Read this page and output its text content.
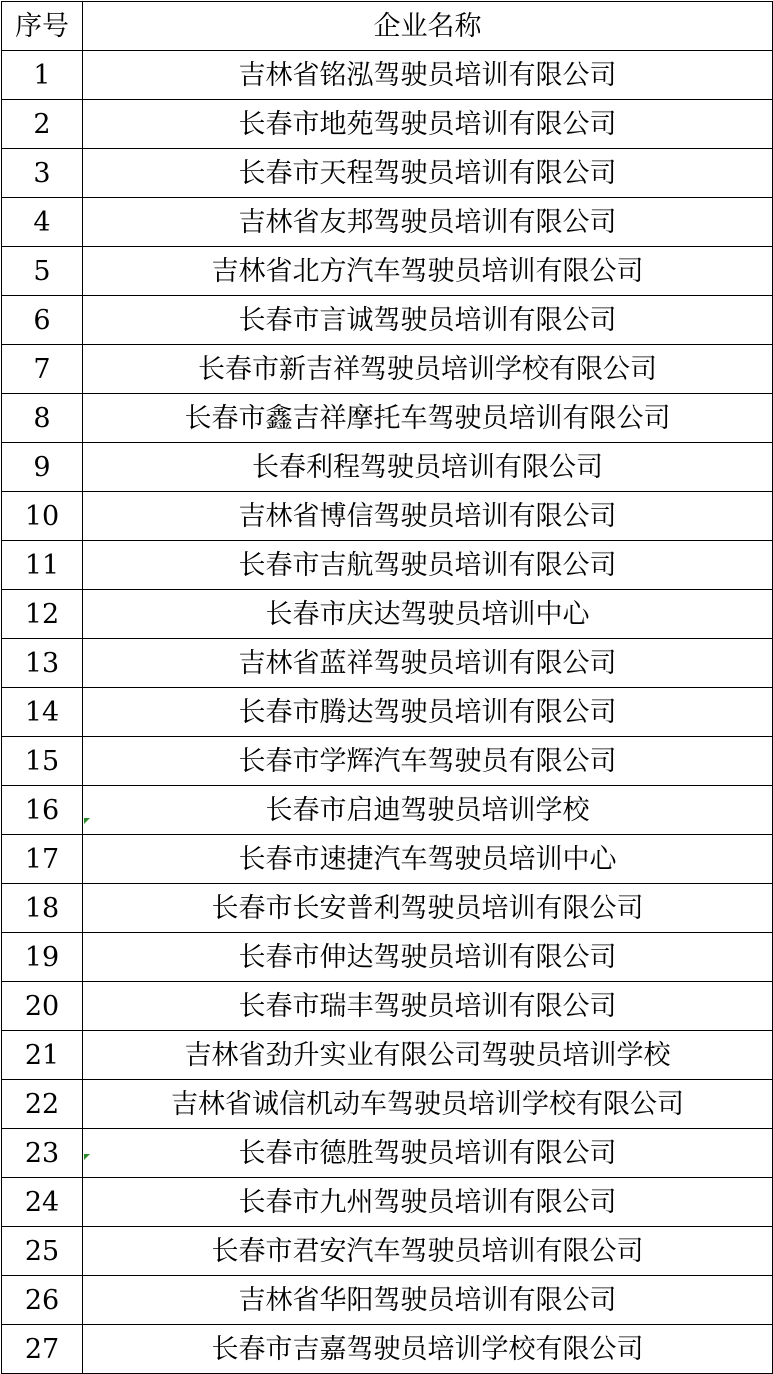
序号	企业名称
1	吉林省铭泓驾驶员培训有限公司
2	长春市地苑驾驶员培训有限公司
3	长春市天程驾驶员培训有限公司
4	吉林省友邦驾驶员培训有限公司
5	吉林省北方汽车驾驶员培训有限公司
6	长春市言诚驾驶员培训有限公司
7	长春市新吉祥驾驶员培训学校有限公司
8	长春市鑫吉祥摩托车驾驶员培训有限公司
9	长春利程驾驶员培训有限公司
10	吉林省博信驾驶员培训有限公司
11	长春市吉航驾驶员培训有限公司
12	长春市庆达驾驶员培训中心
13	吉林省蓝祥驾驶员培训有限公司
14	长春市腾达驾驶员培训有限公司
15	长春市学辉汽车驾驶员有限公司
16	长春市启迪驾驶员培训学校
17	长春市速捷汽车驾驶员培训中心
18	长春市长安普利驾驶员培训有限公司
19	长春市伸达驾驶员培训有限公司
20	长春市瑞丰驾驶员培训有限公司
21	吉林省劲升实业有限公司驾驶员培训学校
22	吉林省诚信机动车驾驶员培训学校有限公司
23	长春市德胜驾驶员培训有限公司
24	长春市九州驾驶员培训有限公司
25	长春市君安汽车驾驶员培训有限公司
26	吉林省华阳驾驶员培训有限公司
27	长春市吉嘉驾驶员培训学校有限公司
